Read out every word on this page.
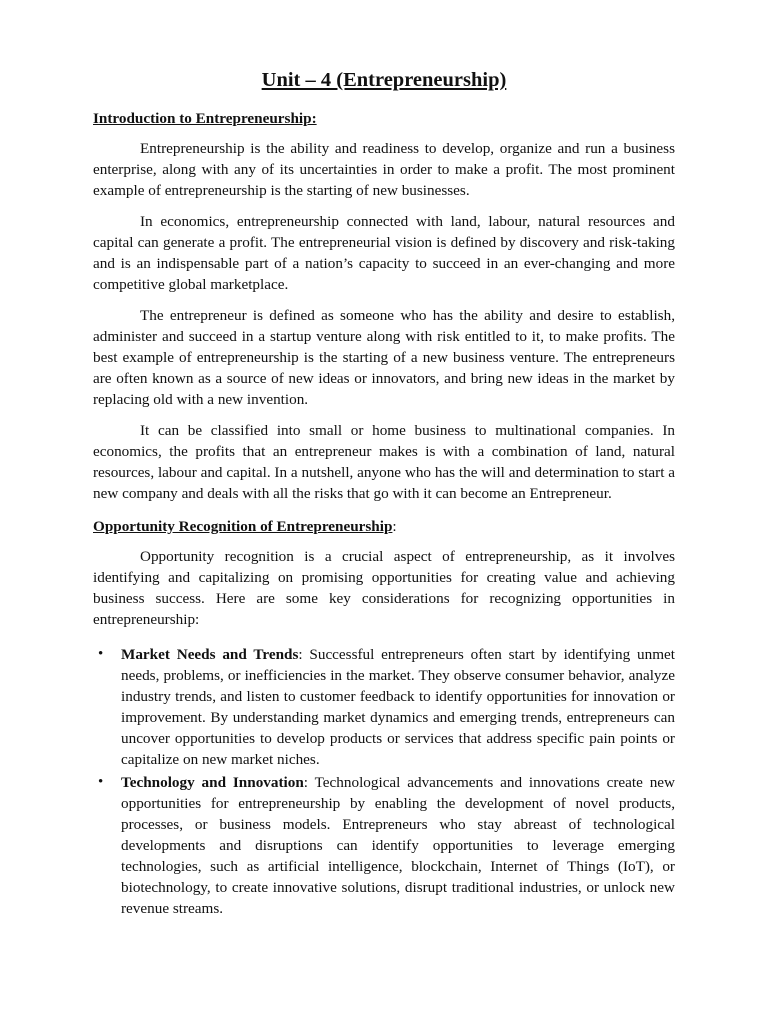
Unit – 4 (Entrepreneurship)
Introduction to Entrepreneurship:

Entrepreneurship is the ability and readiness to develop, organize and run a business enterprise, along with any of its uncertainties in order to make a profit. The most prominent example of entrepreneurship is the starting of new businesses.

In economics, entrepreneurship connected with land, labour, natural resources and capital can generate a profit. The entrepreneurial vision is defined by discovery and risk-taking and is an indispensable part of a nation’s capacity to succeed in an ever-changing and more competitive global marketplace.

The entrepreneur is defined as someone who has the ability and desire to establish, administer and succeed in a startup venture along with risk entitled to it, to make profits. The best example of entrepreneurship is the starting of a new business venture. The entrepreneurs are often known as a source of new ideas or innovators, and bring new ideas in the market by replacing old with a new invention.

It can be classified into small or home business to multinational companies. In economics, the profits that an entrepreneur makes is with a combination of land, natural resources, labour and capital. In a nutshell, anyone who has the will and determination to start a new company and deals with all the risks that go with it can become an Entrepreneur.

Opportunity Recognition of Entrepreneurship:

Opportunity recognition is a crucial aspect of entrepreneurship, as it involves identifying and capitalizing on promising opportunities for creating value and achieving business success. Here are some key considerations for recognizing opportunities in entrepreneurship:

• Market Needs and Trends: Successful entrepreneurs often start by identifying unmet needs, problems, or inefficiencies in the market. They observe consumer behavior, analyze industry trends, and listen to customer feedback to identify opportunities for innovation or improvement. By understanding market dynamics and emerging trends, entrepreneurs can uncover opportunities to develop products or services that address specific pain points or capitalize on new market niches.
• Technology and Innovation: Technological advancements and innovations create new opportunities for entrepreneurship by enabling the development of novel products, processes, or business models. Entrepreneurs who stay abreast of technological developments and disruptions can identify opportunities to leverage emerging technologies, such as artificial intelligence, blockchain, Internet of Things (IoT), or biotechnology, to create innovative solutions, disrupt traditional industries, or unlock new revenue streams.
